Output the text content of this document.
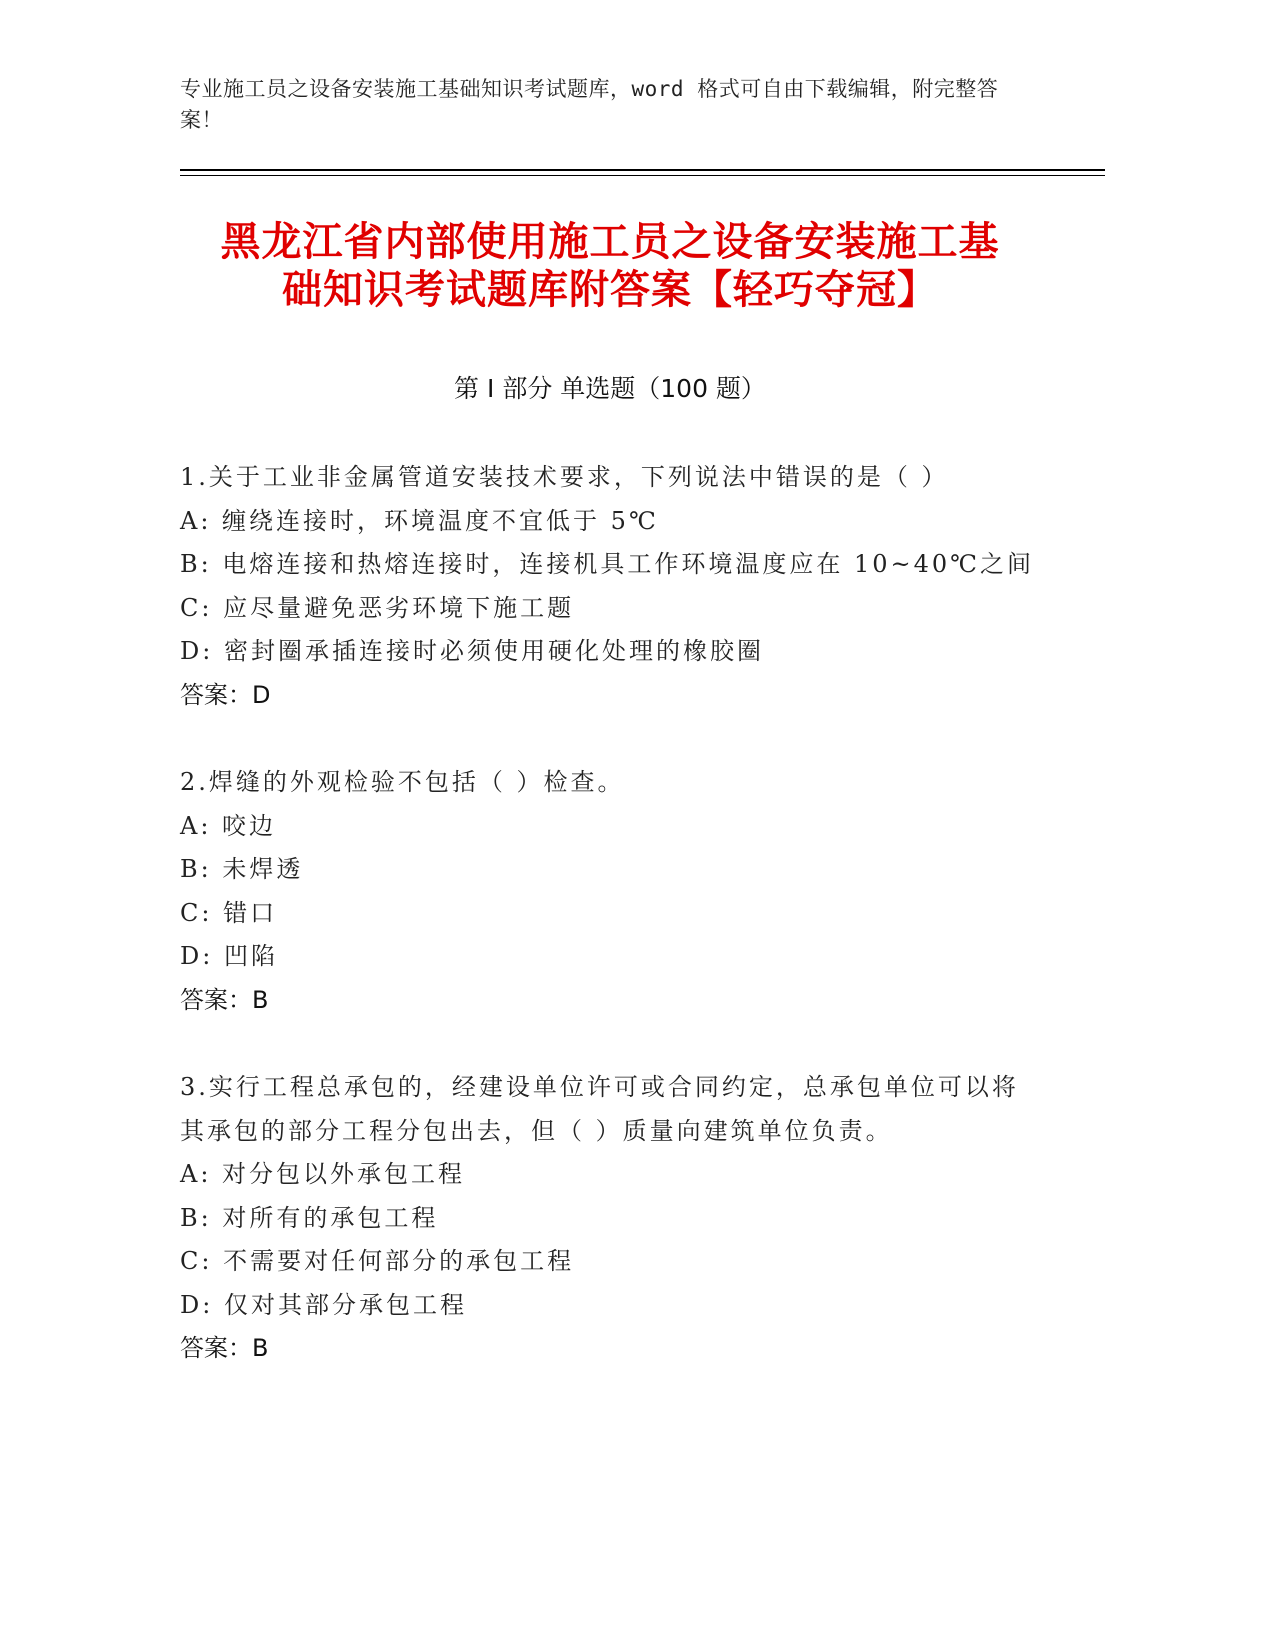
专业施工员之设备安装施工基础知识考试题库，word 格式可自由下载编辑，附完整答案！
黑龙江省内部使用施工员之设备安装施工基
础知识考试题库附答案【轻巧夺冠】
第 I 部分 单选题（100 题）
1.关于工业非金属管道安装技术要求，下列说法中错误的是（ ）
A: 缠绕连接时，环境温度不宜低于 5℃
B: 电熔连接和热熔连接时，连接机具工作环境温度应在 10~40℃之间
C: 应尽量避免恶劣环境下施工题
D: 密封圈承插连接时必须使用硬化处理的橡胶圈
答案：D
2.焊缝的外观检验不包括（ ）检查。
A: 咬边
B: 未焊透
C: 错口
D: 凹陷
答案：B
3.实行工程总承包的，经建设单位许可或合同约定，总承包单位可以将其承包的部分工程分包出去，但（ ）质量向建筑单位负责。
A: 对分包以外承包工程
B: 对所有的承包工程
C: 不需要对任何部分的承包工程
D: 仅对其部分承包工程
答案：B
